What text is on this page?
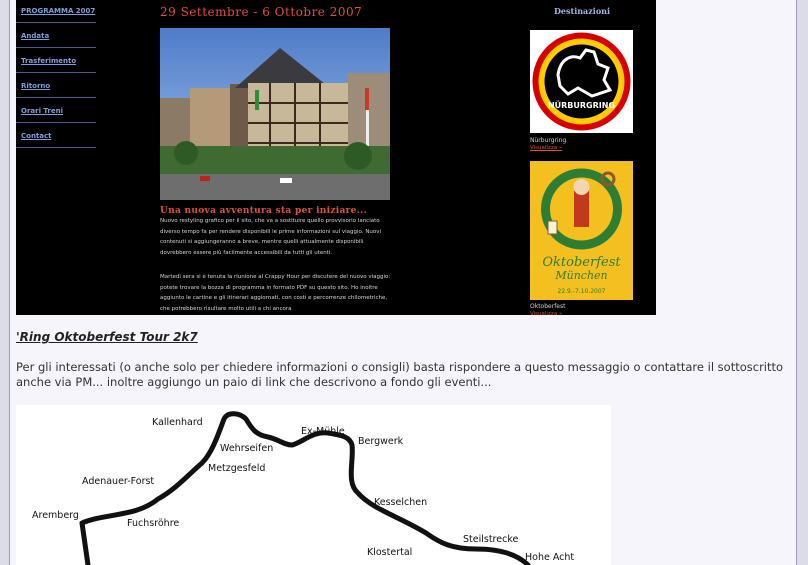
PROGRAMMA 2007
Andata
Trasferimento
Ritorno
Orari Treni
Contact
29 Settembre - 6 Ottobre 2007
Una nuova avventura sta per iniziare...
Nuovo restyling grafico per il sito, che va a sostituire quello provvisorio lanciato diverso tempo fa per rendere disponibili le prime informazioni sul viaggio. Nuovi contenuti si aggiungeranno a breve, mentre quelli attualmente disponibili dovrebbero essere più facilmente accessibili da tutti gli utenti.
Martedì sera si è tenuta la riunione al Crappy Hour per discutere del nuovo viaggio: potete trovare la bozza di programma in formato PDF su questo sito. Ho inoltre aggiunto le cartine e gli itinerari aggiornati, con costi e percorrenze chilometriche, che potrebbero risultare molto utili a chi ancora
Destinazioni
NÜRBURGRING
Nürburgring
Visualizza »
Oktoberfest
München
22.9.-7.10.2007
Oktoberfest
Visualizza »
'Ring Oktoberfest Tour 2k7
Per gli interessati (o anche solo per chiedere informazioni o consigli) basta rispondere a questo messaggio o contattare il sottoscritto anche via PM... inoltre aggiungo un paio di link che descrivono a fondo gli eventi...
Kallenhard
Wehrseifen
Ex-Mühle
Bergwerk
Metzgesfeld
Adenauer-Forst
Aremberg
Fuchsröhre
Kesselchen
Steilstrecke
Klostertal	Hohe Acht
